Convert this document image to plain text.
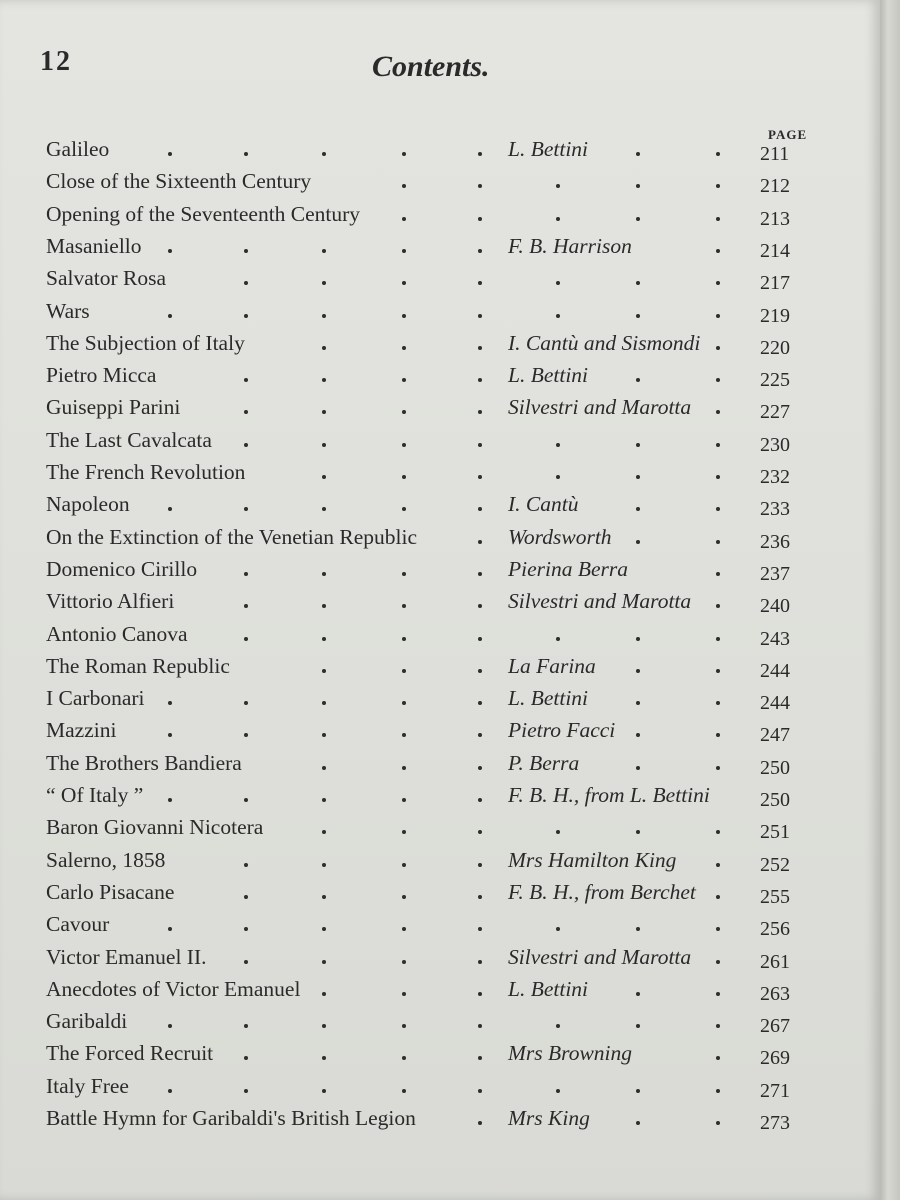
12	Contents.
PAGE
Galileo	L. Bettini	211
Close of the Sixteenth Century	212
Opening of the Seventeenth Century	213
Masaniello	F. B. Harrison	214
Salvator Rosa	217
Wars	219
The Subjection of Italy	I. Cantù and Sismondi	220
Pietro Micca	L. Bettini	225
Guiseppi Parini	Silvestri and Marotta	227
The Last Cavalcata	230
The French Revolution	232
Napoleon	I. Cantù	233
On the Extinction of the Venetian Republic	Wordsworth	236
Domenico Cirillo	Pierina Berra	237
Vittorio Alfieri	Silvestri and Marotta	240
Antonio Canova	243
The Roman Republic	La Farina	244
I Carbonari	L. Bettini	244
Mazzini	Pietro Facci	247
The Brothers Bandiera	P. Berra	250
“ Of Italy ”	F. B. H., from L. Bettini	250
Baron Giovanni Nicotera	251
Salerno, 1858	Mrs Hamilton King	252
Carlo Pisacane	F. B. H., from Berchet	255
Cavour	256
Victor Emanuel II.	Silvestri and Marotta	261
Anecdotes of Victor Emanuel	L. Bettini	263
Garibaldi	267
The Forced Recruit	Mrs Browning	269
Italy Free	271
Battle Hymn for Garibaldi's British Legion	Mrs King	273
